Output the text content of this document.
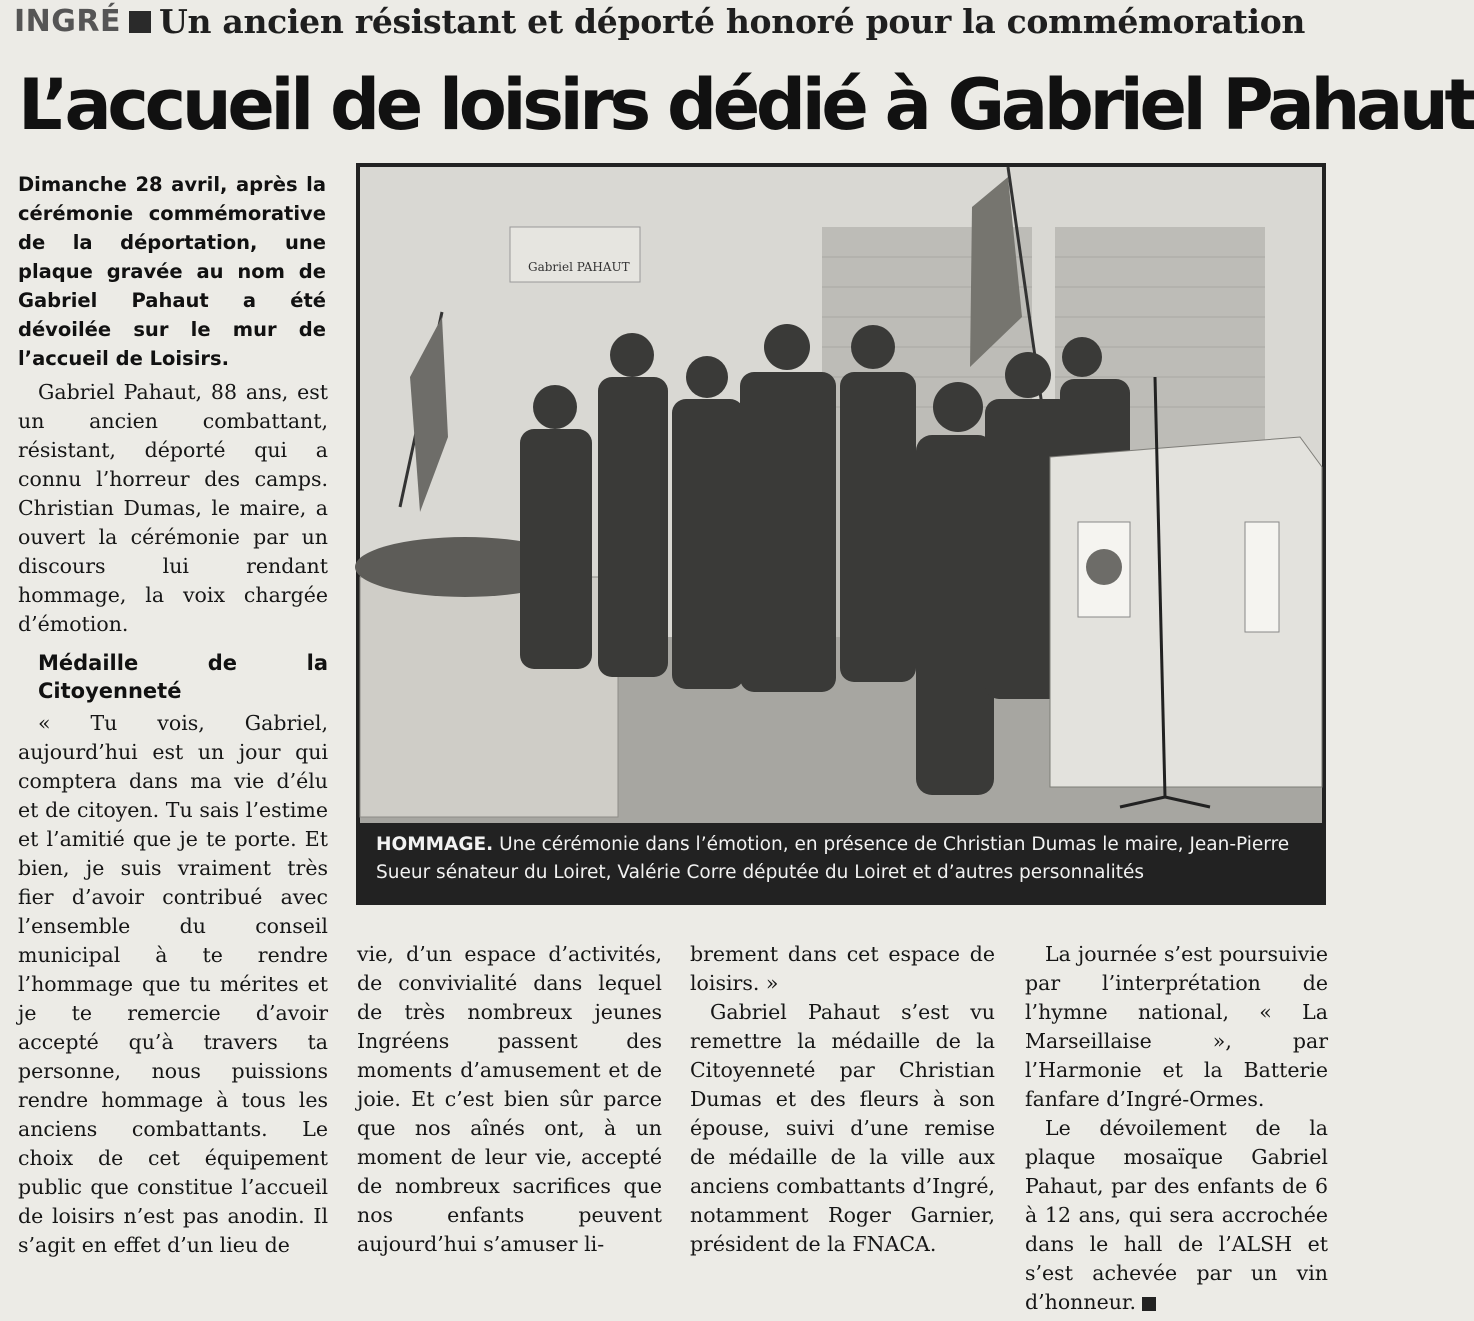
INGRÉ Un ancien résistant et déporté honoré pour la commémoration
L’accueil de loisirs dédié à Gabriel Pahaut

Dimanche 28 avril, après la cérémonie commémorative de la déportation, une plaque gravée au nom de Gabriel Pahaut a été dévoilée sur le mur de l’accueil de Loisirs.

Gabriel Pahaut, 88 ans, est un ancien combattant, résistant, déporté qui a connu l’horreur des camps. Christian Dumas, le maire, a ouvert la cérémonie par un discours lui rendant hommage, la voix chargée d’émotion.

Médaille de la Citoyenneté

« Tu vois, Gabriel, aujourd’hui est un jour qui comptera dans ma vie d’élu et de citoyen. Tu sais l’estime et l’amitié que je te porte. Et bien, je suis vraiment très fier d’avoir contribué avec l’ensemble du conseil municipal à te rendre l’hommage que tu mérites et je te remercie d’avoir accepté qu’à travers ta personne, nous puissions rendre hommage à tous les anciens combattants. Le choix de cet équipement public que constitue l’accueil de loisirs n’est pas anodin. Il s’agit en effet d’un lieu de

Gabriel PAHAUT
HOMMAGE. Une cérémonie dans l’émotion, en présence de Christian Dumas le maire, Jean-Pierre Sueur sénateur du Loiret, Valérie Corre députée du Loiret et d’autres personnalités

vie, d’un espace d’activités, de convivialité dans lequel de très nombreux jeunes Ingréens passent des moments d’amusement et de joie. Et c’est bien sûr parce que nos aînés ont, à un moment de leur vie, accepté de nombreux sacrifices que nos enfants peuvent aujourd’hui s’amuser li-

brement dans cet espace de loisirs. »

Gabriel Pahaut s’est vu remettre la médaille de la Citoyenneté par Christian Dumas et des fleurs à son épouse, suivi d’une remise de médaille de la ville aux anciens combattants d’Ingré, notamment Roger Garnier, président de la FNACA.

La journée s’est poursuivie par l’interprétation de l’hymne national, « La Marseillaise », par l’Harmonie et la Batterie fanfare d’Ingré-Ormes.

Le dévoilement de la plaque mosaïque Gabriel Pahaut, par des enfants de 6 à 12 ans, qui sera accrochée dans le hall de l’ALSH et s’est achevée par un vin d’honneur.
